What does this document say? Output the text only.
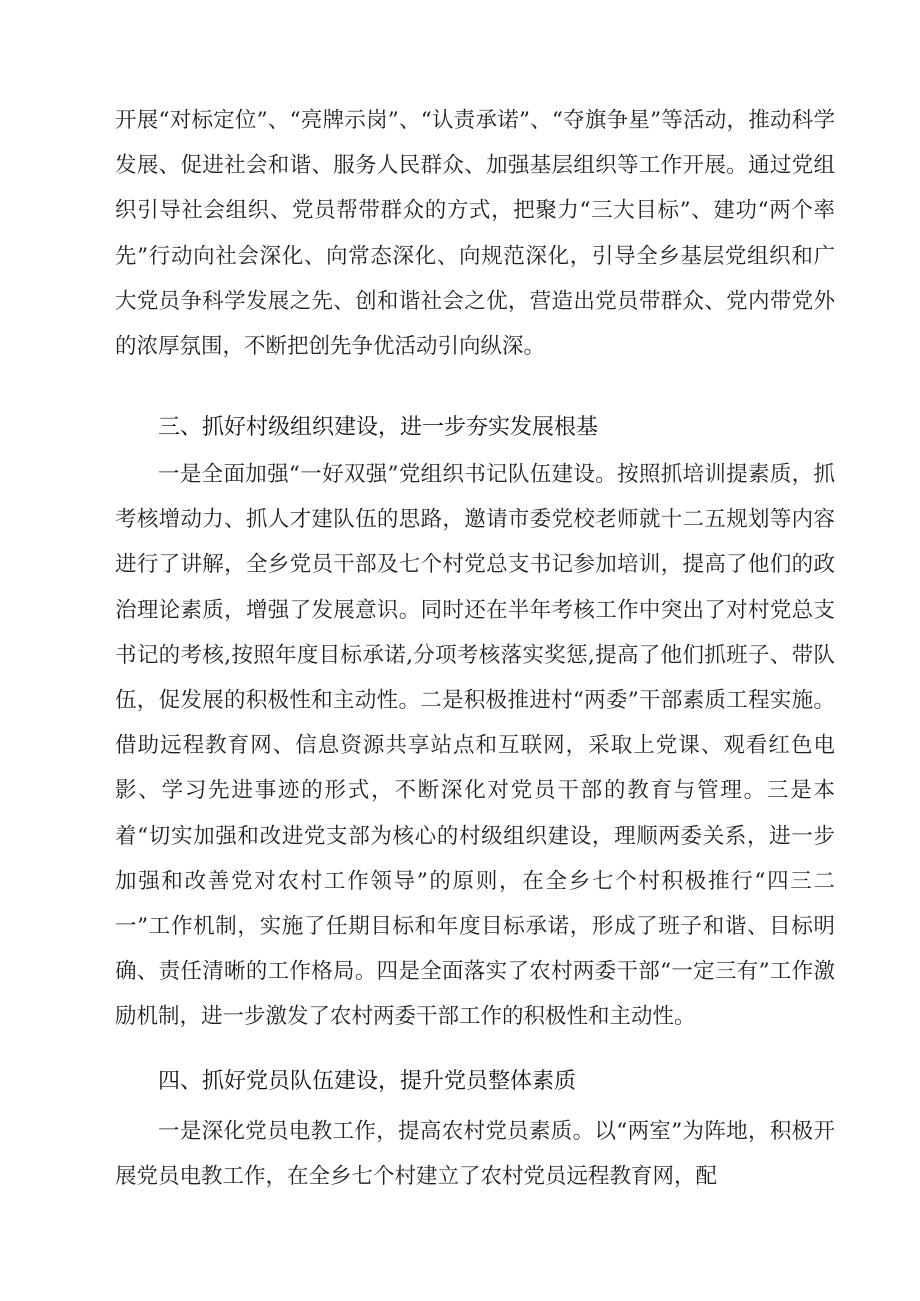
开展“对标定位”、“亮牌示岗”、“认责承诺”、“夺旗争星”等活动，推动科学发展、促进社会和谐、服务人民群众、加强基层组织等工作开展。通过党组织引导社会组织、党员帮带群众的方式，把聚力“三大目标”、建功“两个率先”行动向社会深化、向常态深化、向规范深化，引导全乡基层党组织和广大党员争科学发展之先、创和谐社会之优，营造出党员带群众、党内带党外的浓厚氛围，不断把创先争优活动引向纵深。

三、抓好村级组织建设，进一步夯实发展根基

一是全面加强“一好双强”党组织书记队伍建设。按照抓培训提素质，抓考核增动力、抓人才建队伍的思路，邀请市委党校老师就十二五规划等内容进行了讲解，全乡党员干部及七个村党总支书记参加培训，提高了他们的政治理论素质，增强了发展意识。同时还在半年考核工作中突出了对村党总支书记的考核,按照年度目标承诺,分项考核落实奖惩,提高了他们抓班子、带队伍，促发展的积极性和主动性。二是积极推进村“两委”干部素质工程实施。借助远程教育网、信息资源共享站点和互联网，采取上党课、观看红色电影、学习先进事迹的形式，不断深化对党员干部的教育与管理。三是本着“切实加强和改进党支部为核心的村级组织建设，理顺两委关系，进一步加强和改善党对农村工作领导”的原则，在全乡七个村积极推行“四三二一”工作机制，实施了任期目标和年度目标承诺，形成了班子和谐、目标明确、责任清晰的工作格局。四是全面落实了农村两委干部“一定三有”工作激励机制，进一步激发了农村两委干部工作的积极性和主动性。

四、抓好党员队伍建设，提升党员整体素质

一是深化党员电教工作，提高农村党员素质。以“两室”为阵地，积极开展党员电教工作，在全乡七个村建立了农村党员远程教育网，配
